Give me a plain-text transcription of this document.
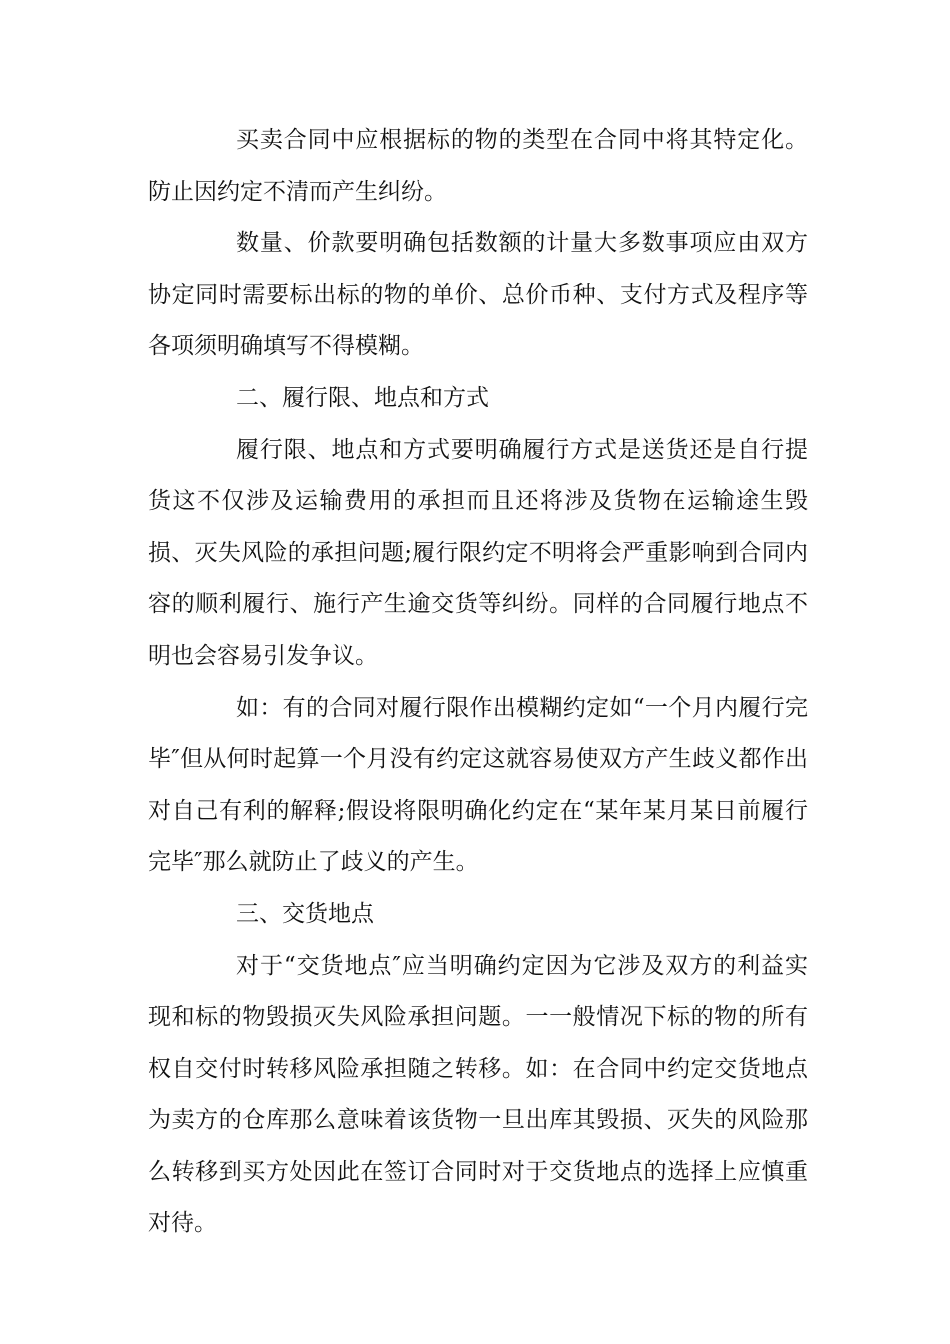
买卖合同中应根据标的物的类型在合同中将其特定化。防止因约定不清而产生纠纷。

数量、价款要明确包括数额的计量大多数事项应由双方协定同时需要标出标的物的单价、总价币种、支付方式及程序等各项须明确填写不得模糊。

二、履行限、地点和方式

履行限、地点和方式要明确履行方式是送货还是自行提货这不仅涉及运输费用的承担而且还将涉及货物在运输途生毁损、灭失风险的承担问题;履行限约定不明将会严重影响到合同内容的顺利履行、施行产生逾交货等纠纷。同样的合同履行地点不明也会容易引发争议。

如：有的合同对履行限作出模糊约定如“一个月内履行完毕″但从何时起算一个月没有约定这就容易使双方产生歧义都作出对自己有利的解释;假设将限明确化约定在“某年某月某日前履行完毕″那么就防止了歧义的产生。

三、交货地点

对于“交货地点″应当明确约定因为它涉及双方的利益实现和标的物毁损灭失风险承担问题。一一般情况下标的物的所有权自交付时转移风险承担随之转移。如：在合同中约定交货地点为卖方的仓库那么意味着该货物一旦出库其毁损、灭失的风险那么转移到买方处因此在签订合同时对于交货地点的选择上应慎重对待。
